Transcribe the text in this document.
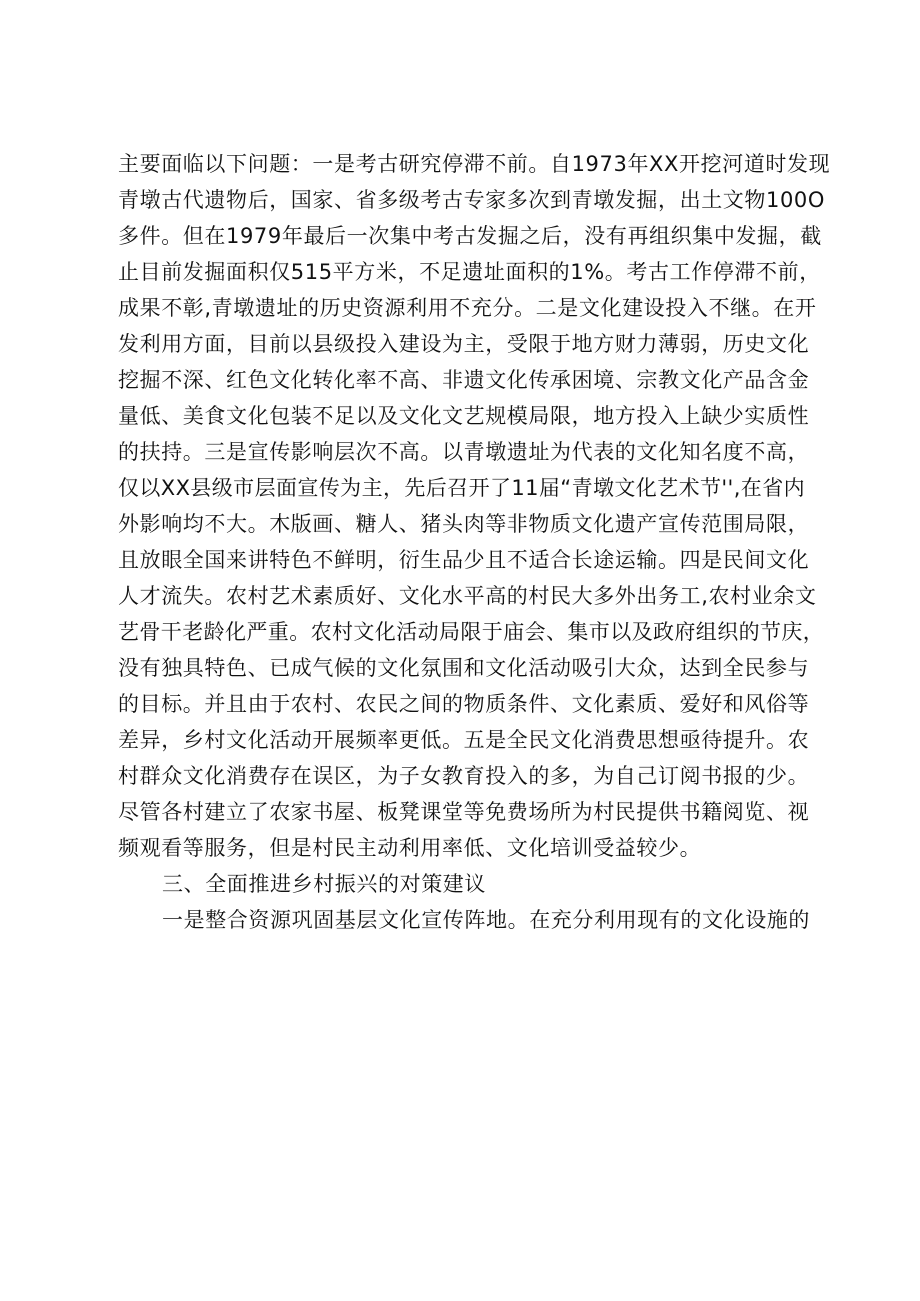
主要面临以下问题：一是考古研究停滞不前。自1973年XX开挖河道时发现
青墩古代遗物后，国家、省多级考古专家多次到青墩发掘，出土文物100O
多件。但在1979年最后一次集中考古发掘之后，没有再组织集中发掘，截
止目前发掘面积仅515平方米，不足遗址面积的1%。考古工作停滞不前，
成果不彰,青墩遗址的历史资源利用不充分。二是文化建设投入不继。在开
发利用方面，目前以县级投入建设为主，受限于地方财力薄弱，历史文化
挖掘不深、红色文化转化率不高、非遗文化传承困境、宗教文化产品含金
量低、美食文化包装不足以及文化文艺规模局限，地方投入上缺少实质性
的扶持。三是宣传影响层次不高。以青墩遗址为代表的文化知名度不高，
仅以XX县级市层面宣传为主，先后召开了11届“青墩文化艺术节'',在省内
外影响均不大。木版画、糖人、猪头肉等非物质文化遗产宣传范围局限，
且放眼全国来讲特色不鲜明，衍生品少且不适合长途运输。四是民间文化
人才流失。农村艺术素质好、文化水平高的村民大多外出务工,农村业余文
艺骨干老龄化严重。农村文化活动局限于庙会、集市以及政府组织的节庆，
没有独具特色、已成气候的文化氛围和文化活动吸引大众，达到全民参与
的目标。并且由于农村、农民之间的物质条件、文化素质、爱好和风俗等
差异，乡村文化活动开展频率更低。五是全民文化消费思想亟待提升。农
村群众文化消费存在误区，为子女教育投入的多，为自己订阅书报的少。
尽管各村建立了农家书屋、板凳课堂等免费场所为村民提供书籍阅览、视
频观看等服务，但是村民主动利用率低、文化培训受益较少。
三、全面推进乡村振兴的对策建议
一是整合资源巩固基层文化宣传阵地。在充分利用现有的文化设施的
